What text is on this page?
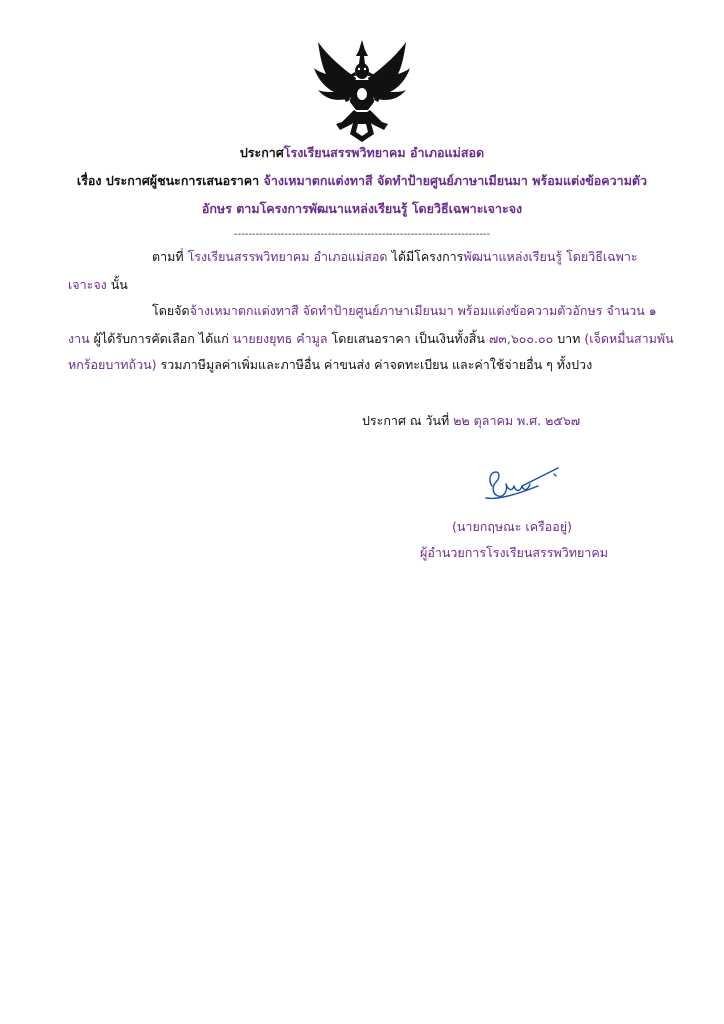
ประกาศโรงเรียนสรรพวิทยาคม อำเภอแม่สอด
เรื่อง ประกาศผู้ชนะการเสนอราคา จ้างเหมาตกแต่งทาสี จัดทำป้ายศูนย์ภาษาเมียนมา พร้อมแต่งข้อความตัว
อักษร ตามโครงการพัฒนาแหล่งเรียนรู้ โดยวิธีเฉพาะเจาะจง
-----------------------------------------------------------------------
ตามที่ โรงเรียนสรรพวิทยาคม อำเภอแม่สอด ได้มีโครงการพัฒนาแหล่งเรียนรู้ โดยวิธีเฉพาะ
เจาะจง นั้น
โดยจัดจ้างเหมาตกแต่งทาสี จัดทำป้ายศูนย์ภาษาเมียนมา พร้อมแต่งข้อความตัวอักษร จำนวน ๑
งาน ผู้ได้รับการคัดเลือก ได้แก่ นายยงยุทธ คำมูล โดยเสนอราคา เป็นเงินทั้งสิ้น ๗๓,๖๐๐.๐๐ บาท (เจ็ดหมื่นสามพัน
หกร้อยบาทถ้วน) รวมภาษีมูลค่าเพิ่มและภาษีอื่น ค่าขนส่ง ค่าจดทะเบียน และค่าใช้จ่ายอื่น ๆ ทั้งปวง
ประกาศ ณ วันที่ ๒๒ ตุลาคม พ.ศ. ๒๕๖๗
(นายกฤษณะ เครืออยู่)
ผู้อำนวยการโรงเรียนสรรพวิทยาคม
